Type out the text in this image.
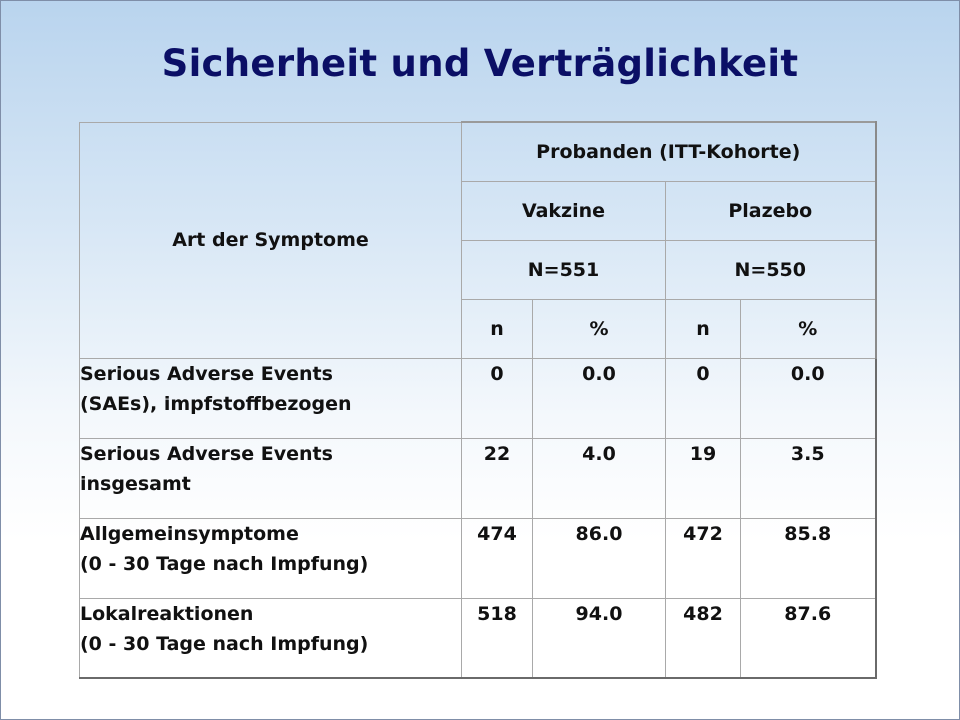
Sicherheit und Verträglichkeit
Art der Symptome	Probanden (ITT-Kohorte)			
	Vakzine		Plazebo	
	N=551		N=550	
	n	%	n	%

Serious Adverse Events
(SAEs), impfstoffbezogen	0	0.0	0	0.0

Serious Adverse Events
insgesamt	22	4.0	19	3.5

Allgemeinsymptome
(0 - 30 Tage nach Impfung)	474	86.0	472	85.8

Lokalreaktionen
(0 - 30 Tage nach Impfung)	518	94.0	482	87.6
